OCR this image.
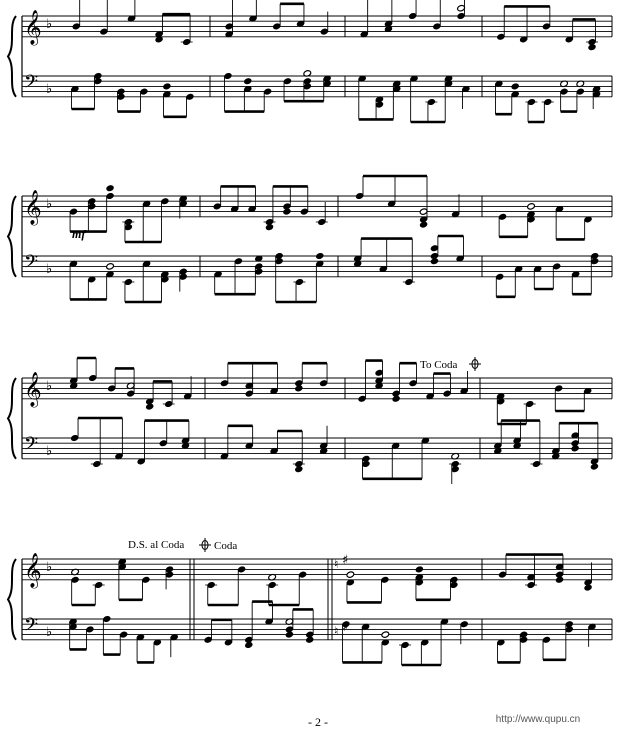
𝄞
𝄢
♭
♭
𝄞
𝄢
♭
♭
𝄞
𝄢
♭
♭
𝄞
𝄢
♭
♭
mf
To Coda
D.S. al Coda	Coda
♮ ♯
♮ ♯
- 2 -	http://www.qupu.cn
